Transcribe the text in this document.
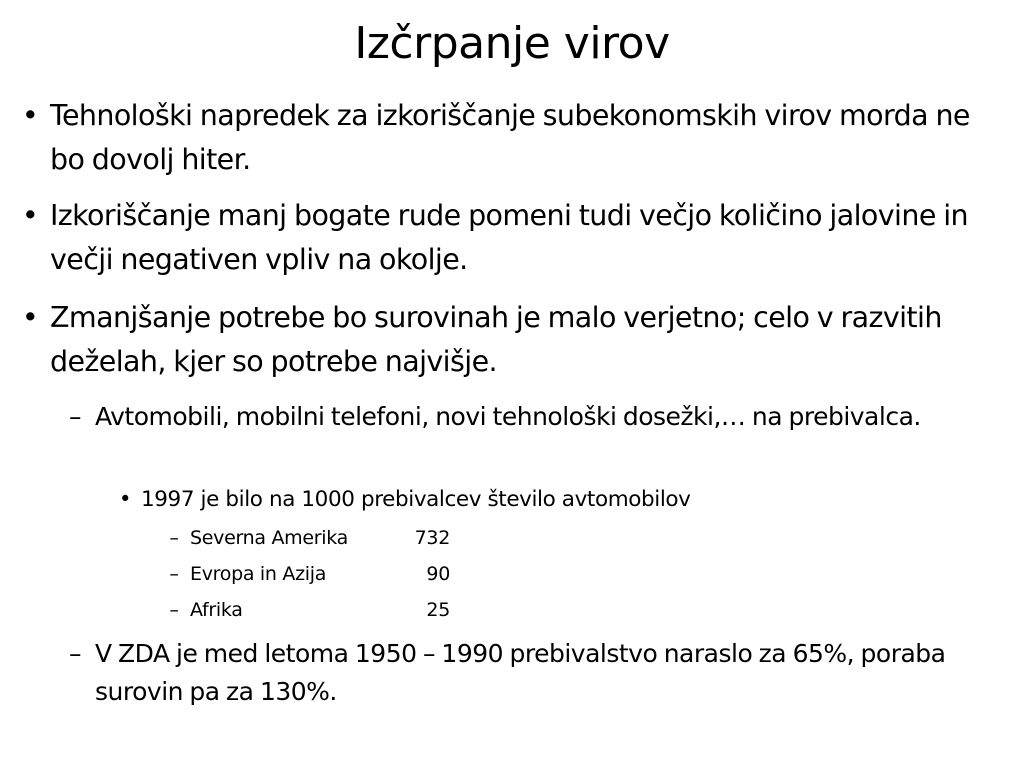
Izčrpanje virov
• Tehnološki napredek za izkoriščanje subekonomskih virov morda ne bo dovolj hiter.
• Izkoriščanje manj bogate rude pomeni tudi večjo količino jalovine in večji negativen vpliv na okolje.
• Zmanjšanje potrebe bo surovinah je malo verjetno; celo v razvitih deželah, kjer so potrebe najvišje.
– Avtomobili, mobilni telefoni, novi tehnološki dosežki,… na prebivalca.
• 1997 je bilo na 1000 prebivalcev število avtomobilov
– Severna Amerika	732
– Evropa in Azija	90
– Afrika	25
– V ZDA je med letoma 1950 – 1990 prebivalstvo naraslo za 65%, poraba surovin pa za 130%.
